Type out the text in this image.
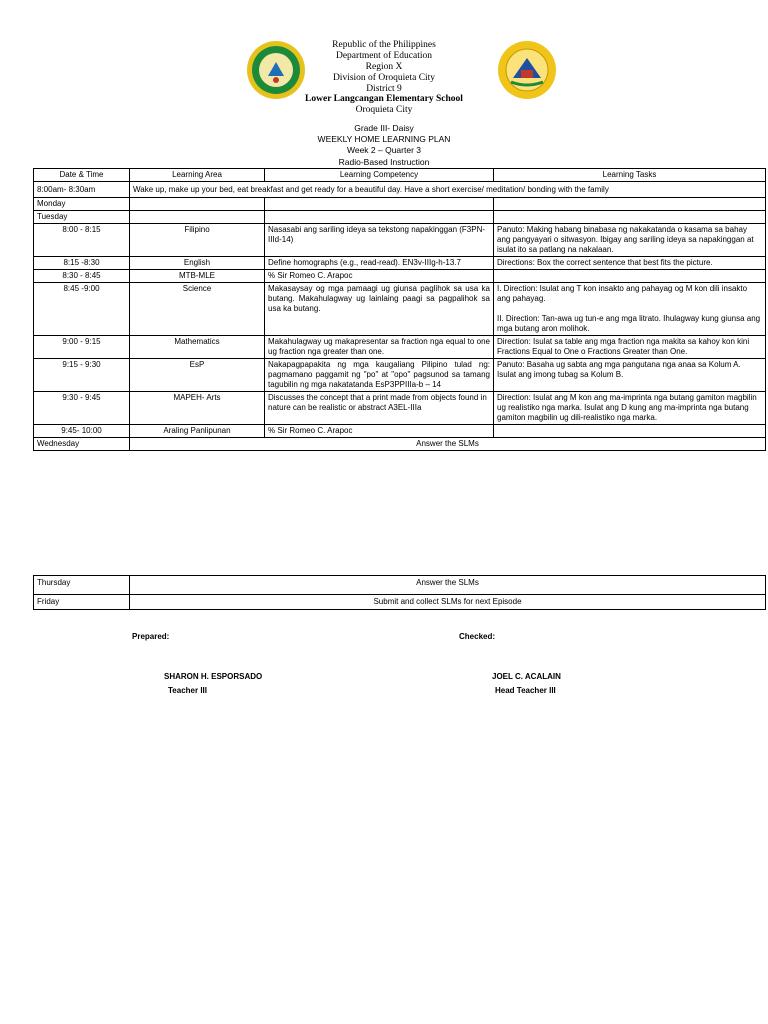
Republic of the Philippines
Department of Education
Region X
Division of Oroquieta City
District 9
Lower Langcangan Elementary School
Oroquieta City
Grade III- Daisy
WEEKLY HOME LEARNING PLAN
Week 2 – Quarter 3
Radio-Based Instruction
Date & Time	Learning Area	Learning Competency	Learning Tasks
8:00am- 8:30am	Wake up, make up your bed, eat breakfast and get ready for a beautiful day. Have a short exercise/ meditation/ bonding with the family		
Monday			
Tuesday			
8:00 - 8:15	Filipino	Nasasabi ang sariling ideya sa tekstong napakinggan (F3PN-IIId-14)	Panuto: Making habang binabasa ng nakakatanda o kasama sa bahay ang pangyayari o sitwasyon. Ibigay ang sariling ideya sa napakinggan at isulat ito sa patlang na nakalaan.
8:15 -8:30	English	Define homographs (e.g., read-read). EN3v-IIIg-h-13.7	Directions: Box the correct sentence that best fits the picture.
8:30 - 8:45	MTB-MLE	% Sir Romeo C. Arapoc	
8:45 -9:00	Science	Makasaysay og mga pamaagi ug giunsa paglihok sa usa ka butang. Makahulagway ug lainlaing paagi sa pagpalihok sa usa ka butang.	I. Direction: Isulat ang T kon insakto ang pahayag og M kon dili insakto ang pahayag.
II. Direction: Tan-awa ug tun-e ang mga litrato. Ihulagway kung giunsa ang mga butang aron molihok.

9:00 - 9:15	Mathematics	Makahulagway ug makapresentar sa fraction nga equal to one ug fraction nga greater than one.	Direction: Isulat sa table ang mga fraction nga makita sa kahoy kon kini Fractions Equal to One o Fractions Greater than One.
9:15 - 9:30	EsP	Nakapagpapakita ng mga kaugaliang Pilipino tulad ng: pagmamano paggamit ng "po" at "opo" pagsunod sa tamang tagubilin ng mga nakatatanda EsP3PPIIIa-b – 14	Panuto: Basaha ug sabta ang mga pangutana nga anaa sa Kolum A. Isulat ang imong tubag sa Kolum B.
9:30 - 9:45	MAPEH- Arts	Discusses the concept that a print made from objects found in nature can be realistic or abstract A3EL-IIIa	Direction: Isulat ang M kon ang ma-imprinta nga butang gamiton magbilin ug realistiko nga marka. Isulat ang D kung ang ma-imprinta nga butang gamiton magbilin ug dili-realistiko nga marka.
9:45- 10:00	Araling Panlipunan	% Sir Romeo C. Arapoc	
Wednesday	Answer the SLMs		
Thursday	Answer the SLMs
Friday	Submit and collect SLMs for next Episode
Prepared:	Checked:
SHARON H. ESPORSADO
Teacher III
JOEL C. ACALAIN
Head Teacher III
